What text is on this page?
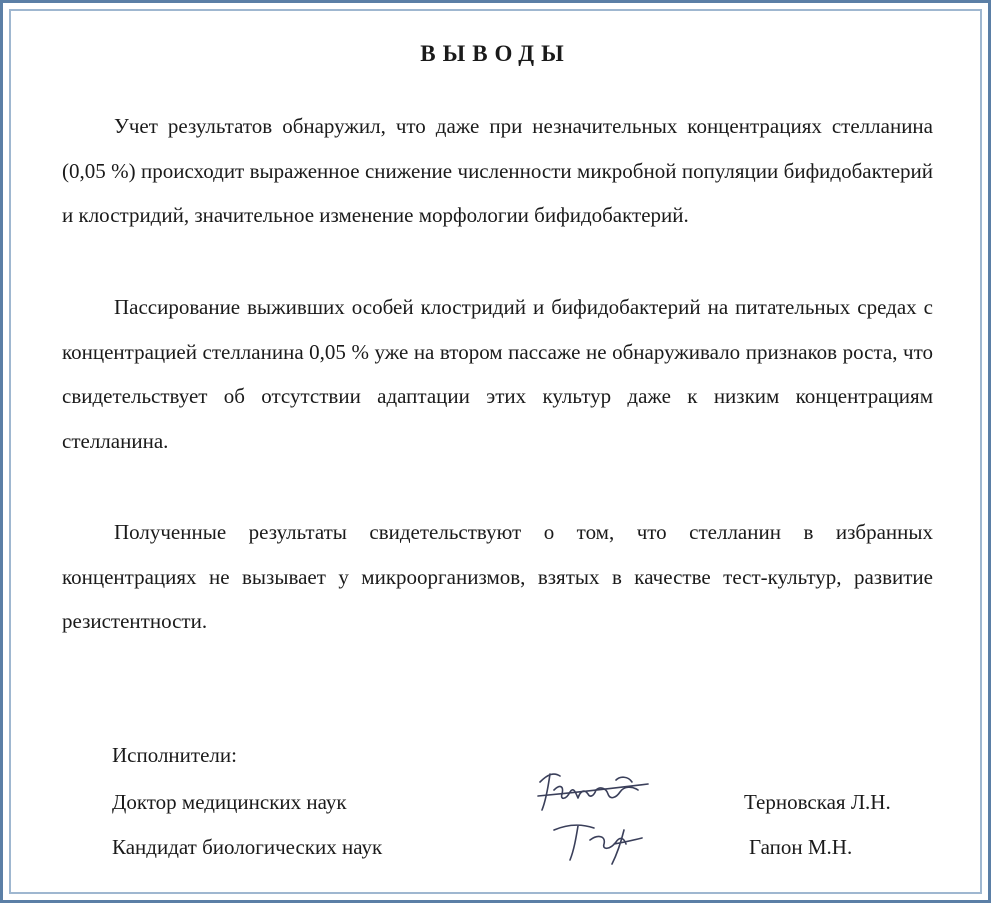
ВЫВОДЫ
Учет результатов обнаружил, что даже при незначительных концентрациях стелланина (0,05 %) происходит выраженное снижение численности микробной популяции бифидобактерий и клостридий, значительное изменение морфологии бифидобактерий.
Пассирование выживших особей клостридий и бифидобактерий на питательных средах с концентрацией стелланина 0,05 % уже на втором пассаже не обнаруживало признаков роста, что свидетельствует об отсутствии адаптации этих культур даже к низким концентрациям стелланина.
Полученные результаты свидетельствуют о том, что стелланин в избранных концентрациях не вызывает у микроорганизмов, взятых в качестве тест-культур, развитие резистентности.
Исполнители:
Доктор медицинских наук	Терновская Л.Н.
Кандидат биологических наук	Гапон М.Н.
